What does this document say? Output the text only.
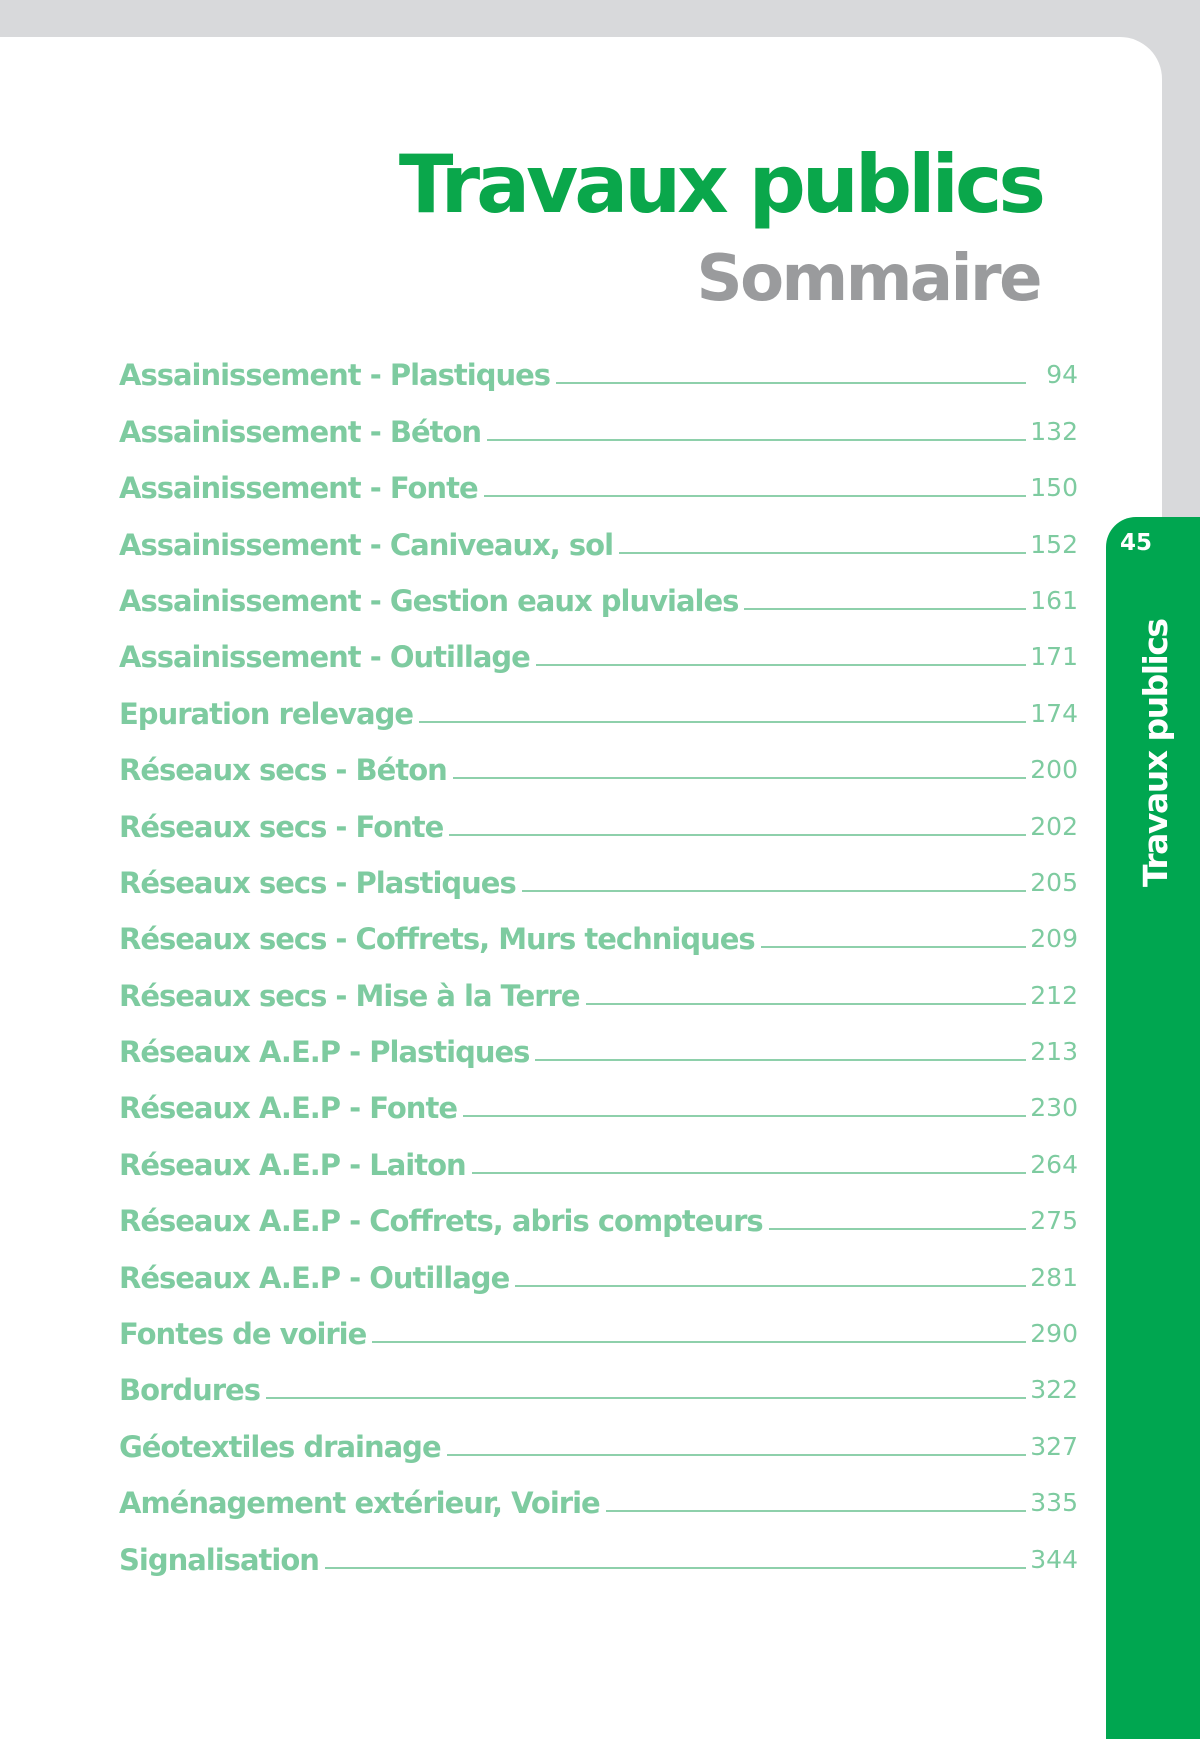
Travaux publics
Sommaire
Assainissement - Plastiques	94
Assainissement - Béton	132
Assainissement - Fonte	150
Assainissement - Caniveaux, sol	152
Assainissement - Gestion eaux pluviales	161
Assainissement - Outillage	171
Epuration relevage	174
Réseaux secs - Béton	200
Réseaux secs - Fonte	202
Réseaux secs - Plastiques	205
Réseaux secs - Coffrets, Murs techniques	209
Réseaux secs - Mise à la Terre	212
Réseaux A.E.P - Plastiques	213
Réseaux A.E.P - Fonte	230
Réseaux A.E.P - Laiton	264
Réseaux A.E.P - Coffrets, abris compteurs	275
Réseaux A.E.P - Outillage	281
Fontes de voirie	290
Bordures	322
Géotextiles drainage	327
Aménagement extérieur, Voirie	335
Signalisation	344
45
Travaux publics
